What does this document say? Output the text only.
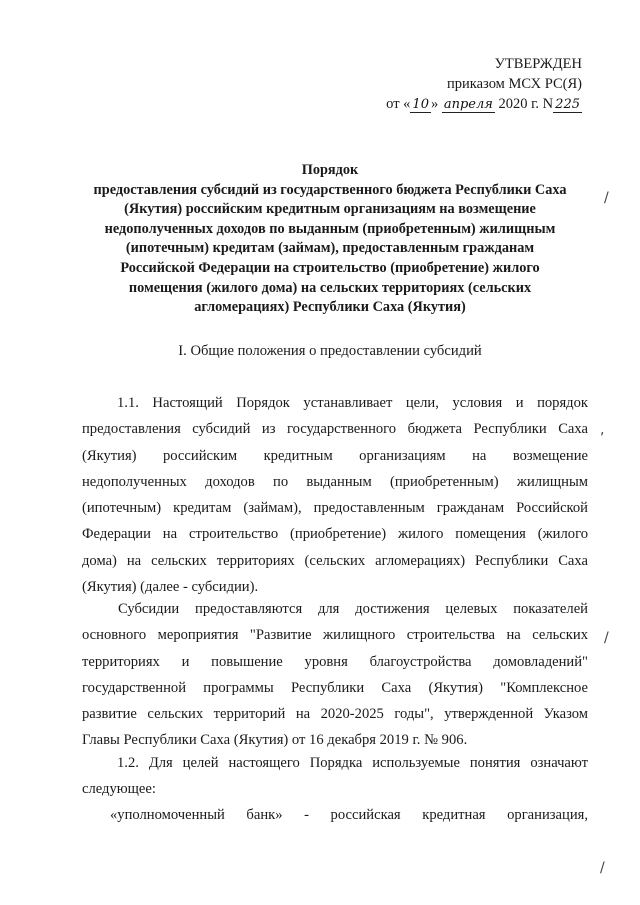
УТВЕРЖДЕН
приказом МСХ РС(Я)
от « 10 » апреля 2020 г. N 225
Порядок
предоставления субсидий из государственного бюджета Республики Саха
(Якутия) российским кредитным организациям на возмещение
недополученных доходов по выданным (приобретенным) жилищным
(ипотечным) кредитам (займам), предоставленным гражданам
Российской Федерации на строительство (приобретение) жилого
помещения (жилого дома) на сельских территориях (сельских
агломерациях) Республики Саха (Якутия)
I. Общие положения о предоставлении субсидий
1.1. Настоящий Порядок устанавливает цели, условия и порядок
предоставления субсидий из государственного бюджета Республики Саха
(Якутия) российским кредитным организациям на возмещение
недополученных доходов по выданным (приобретенным) жилищным
(ипотечным) кредитам (займам), предоставленным гражданам Российской
Федерации на строительство (приобретение) жилого помещения (жилого
дома) на сельских территориях (сельских агломерациях) Республики Саха
(Якутия) (далее - субсидии).
Субсидии предоставляются для достижения целевых показателей
основного мероприятия "Развитие жилищного строительства на сельских
территориях и повышение уровня благоустройства домовладений"
государственной программы Республики Саха (Якутия) "Комплексное
развитие сельских территорий на 2020-2025 годы", утвержденной Указом
Главы Республики Саха (Якутия) от 16 декабря 2019 г. № 906.
1.2. Для целей настоящего Порядка используемые понятия означают
следующее:
«уполномоченный банк» - российская кредитная организация,
/
,
/
/
